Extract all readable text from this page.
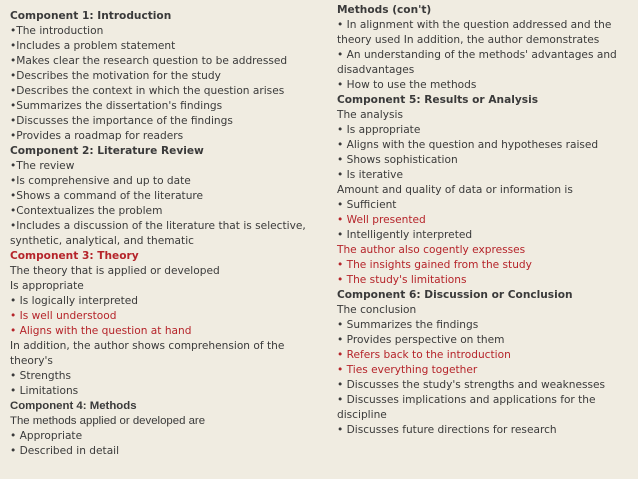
Component 1: Introduction
•The introduction
•Includes a problem statement
•Makes clear the research question to be addressed
•Describes the motivation for the study
•Describes the context in which the question arises
•Summarizes the dissertation's findings
•Discusses the importance of the findings
•Provides a roadmap for readers
Component 2: Literature Review
•The review
•Is comprehensive and up to date
•Shows a command of the literature
•Contextualizes the problem
•Includes a discussion of the literature that is selective, synthetic, analytical, and thematic
Component 3: Theory
The theory that is applied or developed
Is appropriate
• Is logically interpreted
• Is well understood
• Aligns with the question at hand
In addition, the author shows comprehension of the theory's
• Strengths
• Limitations
Component 4: Methods
The methods applied or developed are
• Appropriate
• Described in detail
Methods (con't)
• In alignment with the question addressed and the theory used In addition, the author demonstrates
• An understanding of the methods' advantages and disadvantages
• How to use the methods
Component 5: Results or Analysis
The analysis
• Is appropriate
• Aligns with the question and hypotheses raised
• Shows sophistication
• Is iterative
Amount and quality of data or information is
• Sufficient
• Well presented
• Intelligently interpreted
The author also cogently expresses
• The insights gained from the study
• The study's limitations
Component 6: Discussion or Conclusion
The conclusion
• Summarizes the findings
• Provides perspective on them
• Refers back to the introduction
• Ties everything together
• Discusses the study's strengths and weaknesses
• Discusses implications and applications for the discipline
• Discusses future directions for research
